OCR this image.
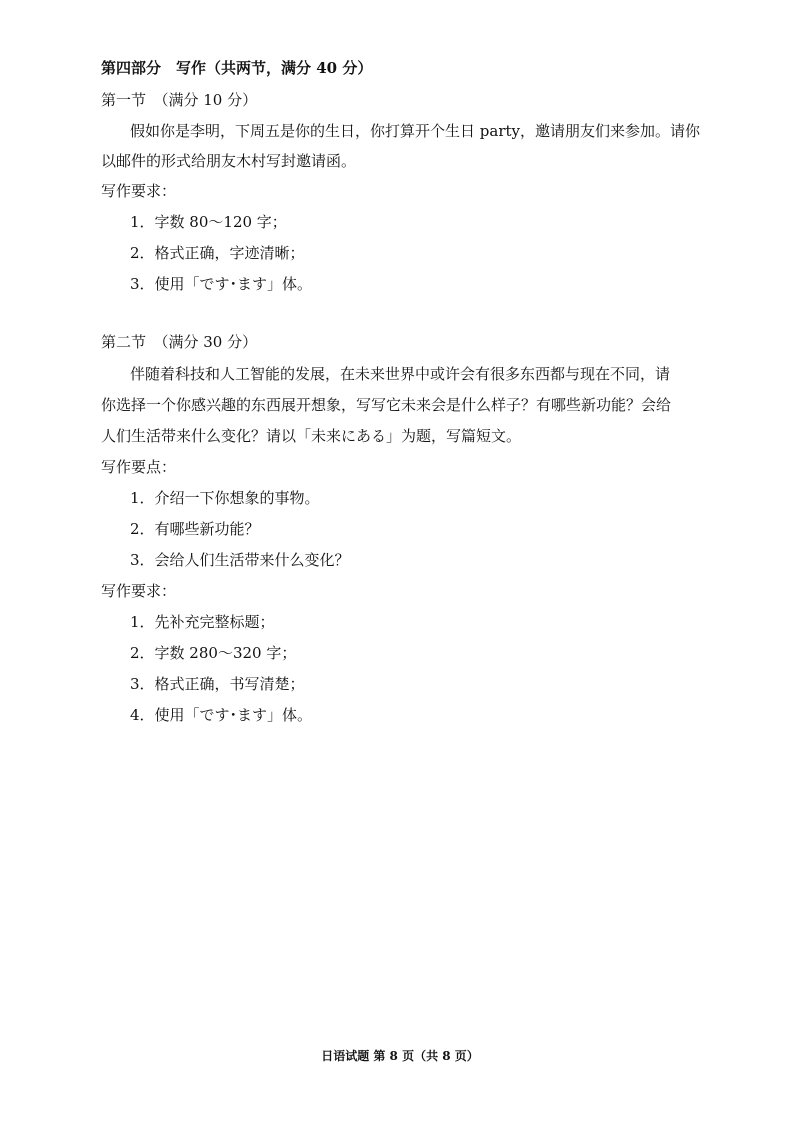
第四部分　写作（共两节，满分 40 分）
第一节　（满分 10 分）
假如你是李明，下周五是你的生日，你打算开个生日 party，邀请朋友们来参加。请你
以邮件的形式给朋友木村写封邀请函。
写作要求：
1．字数 80～120 字；
2．格式正确，字迹清晰；
3．使用「です･ます」体。
第二节　（满分 30 分）
伴随着科技和人工智能的发展，在未来世界中或许会有很多东西都与现在不同，请
你选择一个你感兴趣的东西展开想象，写写它未来会是什么样子？有哪些新功能？会给
人们生活带来什么变化？请以「未来にある」为题，写篇短文。
写作要点：
1．介绍一下你想象的事物。
2．有哪些新功能？
3．会给人们生活带来什么变化？
写作要求：
1．先补充完整标题；
2．字数 280～320 字；
3．格式正确，书写清楚；
4．使用「です･ます」体。
日语试题 第 8 页（共 8 页）
